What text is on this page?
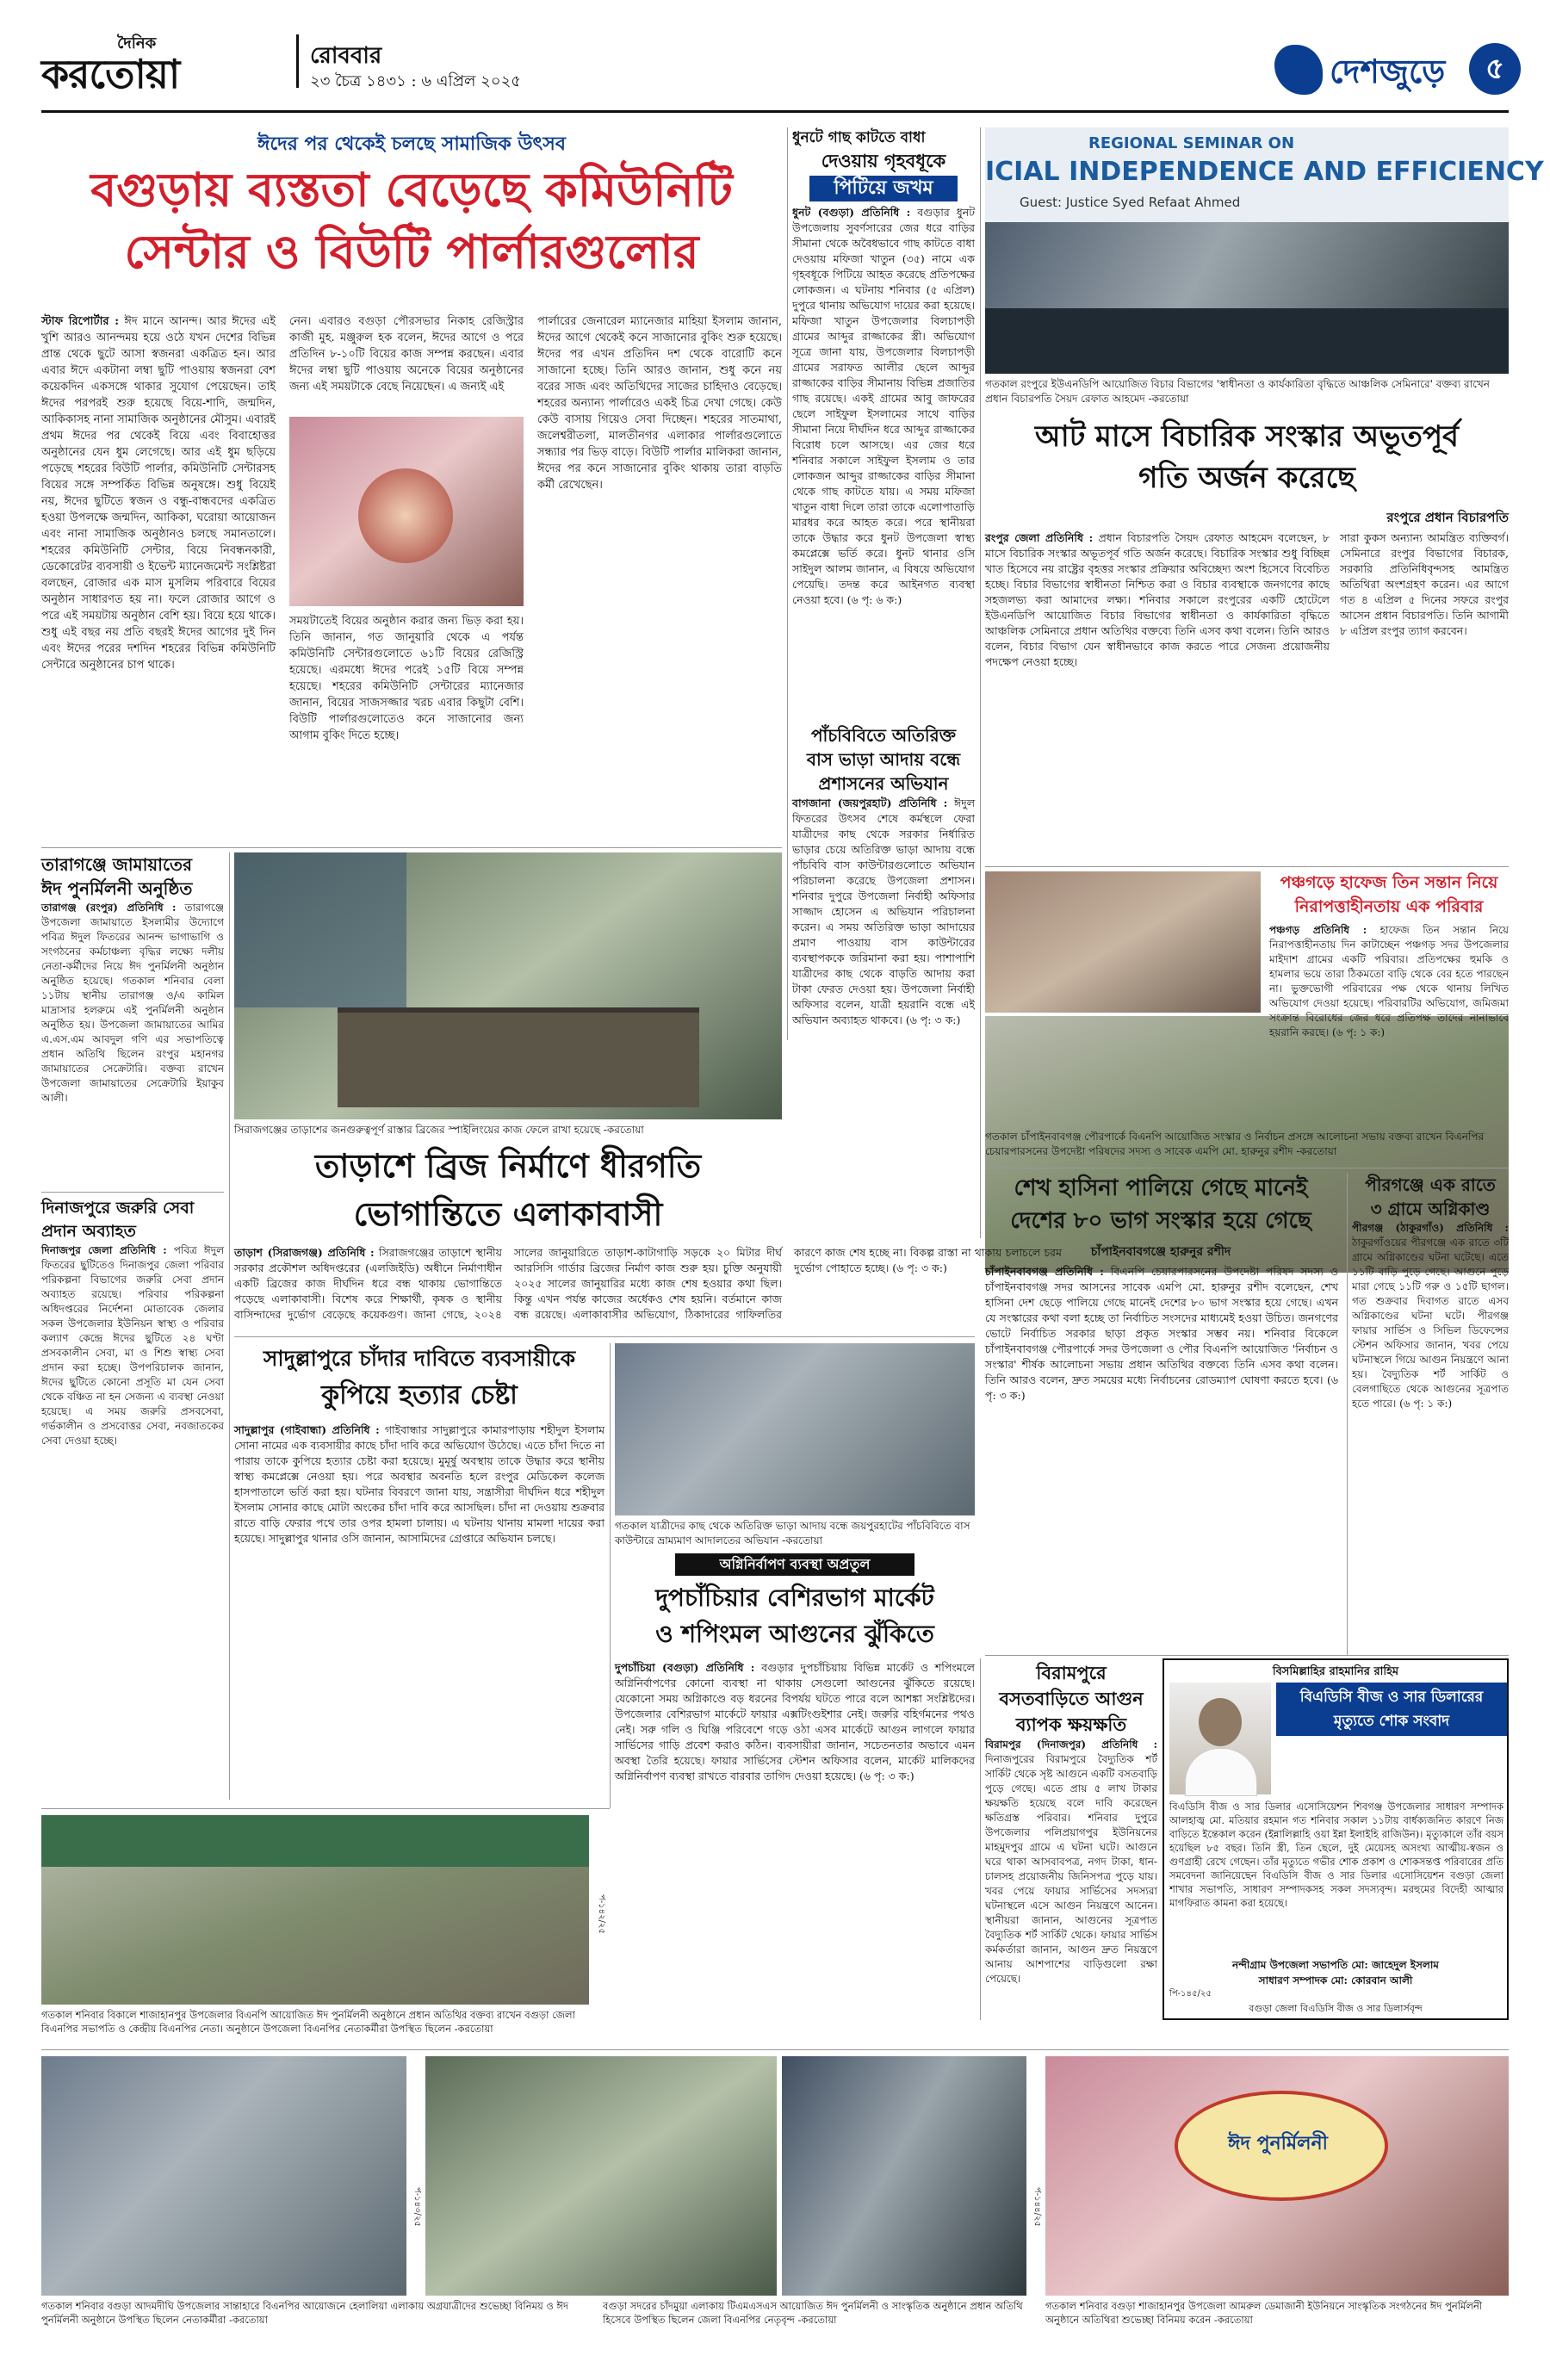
দৈনিক
করতোয়া	রোববার
২৩ চৈত্র ১৪৩১ : ৬ এপ্রিল ২০২৫	দেশজুড়ে	৫
ঈদের পর থেকেই চলছে সামাজিক উৎসব
বগুড়ায় ব্যস্ততা বেড়েছে কমিউনিটি
সেন্টার ও বিউটি পার্লারগুলোর
স্টাফ রিপোর্টার : ঈদ মানে আনন্দ। আর ঈদের এই খুশি আরও আনন্দময় হয়ে ওঠে যখন দেশের বিভিন্ন প্রান্ত থেকে ছুটে আসা স্বজনরা একত্রিত হন। আর এবার ঈদে একটানা লম্বা ছুটি পাওয়ায় স্বজনরা বেশ কয়েকদিন একসঙ্গে থাকার সুযোগ পেয়েছেন। তাই ঈদের পরপরই শুরু হয়েছে বিয়ে-শাদি, জন্মদিন, আকিকাসহ নানা সামাজিক অনুষ্ঠানের মৌসুম। এবারই প্রথম ঈদের পর থেকেই বিয়ে এবং বিবাহোত্তর অনুষ্ঠানের যেন ধুম লেগেছে। আর এই ধুম ছড়িয়ে পড়েছে শহরের বিউটি পার্লার, কমিউনিটি সেন্টারসহ বিয়ের সঙ্গে সম্পর্কিত বিভিন্ন অনুষঙ্গে। শুধু বিয়েই নয়, ঈদের ছুটিতে স্বজন ও বন্ধু-বান্ধবদের একত্রিত হওয়া উপলক্ষে জন্মদিন, আকিকা, ঘরোয়া আয়োজন এবং নানা সামাজিক অনুষ্ঠানও চলছে সমানতালে। শহরের কমিউনিটি সেন্টার, বিয়ে নিবন্ধনকারী, ডেকোরেটর ব্যবসায়ী ও ইভেন্ট ম্যানেজমেন্ট সংশ্লিষ্টরা বলছেন, রোজার এক মাস মুসলিম পরিবারে বিয়ের অনুষ্ঠান সাধারণত হয় না। ফলে রোজার আগে ও পরে এই সময়টায় অনুষ্ঠান বেশি হয়। বিয়ে হয়ে থাকে। শুধু এই বছর নয় প্রতি বছরই ঈদের আগের দুই দিন এবং ঈদের পরের দশদিন শহরের বিভিন্ন কমিউনিটি সেন্টারে অনুষ্ঠানের চাপ থাকে।
নেন। এবারও বগুড়া পৌরসভার নিকাহ রেজিস্ট্রার কাজী মুহ. মঞ্জুরুল হক বলেন, ঈদের আগে ও পরে প্রতিদিন ৮-১০টি বিয়ের কাজ সম্পন্ন করছেন। এবার ঈদের লম্বা ছুটি পাওয়ায় অনেকে বিয়ের অনুষ্ঠানের জন্য এই সময়টাকে বেছে নিয়েছেন। এ জন্যই এই
সময়টাতেই বিয়ের অনুষ্ঠান করার জন্য ভিড় করা হয়। তিনি জানান, গত জানুয়ারি থেকে এ পর্যন্ত কমিউনিটি সেন্টারগুলোতে ৬১টি বিয়ের রেজিস্ট্রি হয়েছে। এরমধ্যে ঈদের পরেই ১৫টি বিয়ে সম্পন্ন হয়েছে। শহরের কমিউনিটি সেন্টারের ম্যানেজার জানান, বিয়ের সাজসজ্জার খরচ এবার কিছুটা বেশি। বিউটি পার্লারগুলোতেও কনে সাজানোর জন্য আগাম বুকিং দিতে হচ্ছে।
পার্লারের জেনারেল ম্যানেজার মাহিয়া ইসলাম জানান, ঈদের আগে থেকেই কনে সাজানোর বুকিং শুরু হয়েছে। ঈদের পর এখন প্রতিদিন দশ থেকে বারোটি কনে সাজানো হচ্ছে। তিনি আরও জানান, শুধু কনে নয় বরের সাজ এবং অতিথিদের সাজের চাহিদাও বেড়েছে। শহরের অন্যান্য পার্লারেও একই চিত্র দেখা গেছে। কেউ কেউ বাসায় গিয়েও সেবা দিচ্ছেন। শহরের সাতমাথা, জলেশ্বরীতলা, মালতীনগর এলাকার পার্লারগুলোতে সন্ধ্যার পর ভিড় বাড়ে। বিউটি পার্লার মালিকরা জানান, ঈদের পর কনে সাজানোর বুকিং থাকায় তারা বাড়তি কর্মী রেখেছেন।
ধুনটে গাছ কাটতে বাধা
দেওয়ায় গৃহবধূকে
পিটিয়ে জখম
ধুনট (বগুড়া) প্রতিনিধি : বগুড়ার ধুনট উপজেলায় সুবর্ণসারের জের ধরে বাড়ির সীমানা থেকে অবৈধভাবে গাছ কাটতে বাধা দেওয়ায় মফিজা খাতুন (৩৫) নামে এক গৃহবধূকে পিটিয়ে আহত করেছে প্রতিপক্ষের লোকজন। এ ঘটনায় শনিবার (৫ এপ্রিল) দুপুরে থানায় অভিযোগ দায়ের করা হয়েছে। মফিজা খাতুন উপজেলার বিলচাপড়ী গ্রামের আব্দুর রাজ্জাকের স্ত্রী। অভিযোগ সূত্রে জানা যায়, উপজেলার বিলচাপড়ী গ্রামের সরাফত আলীর ছেলে আব্দুর রাজ্জাকের বাড়ির সীমানায় বিভিন্ন প্রজাতির গাছ রয়েছে। একই গ্রামের আবু জাফরের ছেলে সাইফুল ইসলামের সাথে বাড়ির সীমানা নিয়ে দীর্ঘদিন ধরে আব্দুর রাজ্জাকের বিরোধ চলে আসছে। এর জের ধরে শনিবার সকালে সাইফুল ইসলাম ও তার লোকজন আব্দুর রাজ্জাকের বাড়ির সীমানা থেকে গাছ কাটতে যায়। এ সময় মফিজা খাতুন বাধা দিলে তারা তাকে এলোপাতাড়ি মারধর করে আহত করে। পরে স্থানীয়রা তাকে উদ্ধার করে ধুনট উপজেলা স্বাস্থ্য কমপ্লেক্সে ভর্তি করে। ধুনট থানার ওসি সাইদুল আলম জানান, এ বিষয়ে অভিযোগ পেয়েছি। তদন্ত করে আইনগত ব্যবস্থা নেওয়া হবে। (৬ পৃ: ৬ ক:)
পাঁচবিবিতে অতিরিক্ত
বাস ভাড়া আদায় বন্ধে
প্রশাসনের অভিযান
বাগজানা (জয়পুরহাট) প্রতিনিধি : ঈদুল ফিতরের উৎসব শেষে কর্মস্থলে ফেরা যাত্রীদের কাছ থেকে সরকার নির্ধারিত ভাড়ার চেয়ে অতিরিক্ত ভাড়া আদায় বন্ধে পাঁচবিবি বাস কাউন্টারগুলোতে অভিযান পরিচালনা করেছে উপজেলা প্রশাসন। শনিবার দুপুরে উপজেলা নির্বাহী অফিসার সাজ্জাদ হোসেন এ অভিযান পরিচালনা করেন। এ সময় অতিরিক্ত ভাড়া আদায়ের প্রমাণ পাওয়ায় বাস কাউন্টারের ব্যবস্থাপককে জরিমানা করা হয়। পাশাপাশি যাত্রীদের কাছ থেকে বাড়তি আদায় করা টাকা ফেরত দেওয়া হয়। উপজেলা নির্বাহী অফিসার বলেন, যাত্রী হয়রানি বন্ধে এই অভিযান অব্যাহত থাকবে। (৬ পৃ: ৩ ক:)
REGIONAL SEMINAR ON
ICIAL INDEPENDENCE AND EFFICIENCY
Guest: Justice Syed Refaat Ahmed
গতকাল রংপুরে ইউএনডিপি আয়োজিত বিচার বিভাগের 'স্বাধীনতা ও কার্যকারিতা বৃদ্ধিতে আঞ্চলিক সেমিনারে' বক্তব্য রাখেন প্রধান বিচারপতি সৈয়দ রেফাত আহমেদ -করতোয়া
আট মাসে বিচারিক সংস্কার অভূতপূর্ব
গতি অর্জন করেছে
রংপুরে প্রধান বিচারপতি
রংপুর জেলা প্রতিনিধি : প্রধান বিচারপতি সৈয়দ রেফাত আহমেদ বলেছেন, ৮ মাসে বিচারিক সংস্কার অভূতপূর্ব গতি অর্জন করেছে। বিচারিক সংস্কার শুধু বিচ্ছিন্ন খাত হিসেবে নয় রাষ্ট্রের বৃহত্তর সংস্কার প্রক্রিয়ার অবিচ্ছেদ্য অংশ হিসেবে বিবেচিত হচ্ছে। বিচার বিভাগের স্বাধীনতা নিশ্চিত করা ও বিচার ব্যবস্থাকে জনগণের কাছে সহজলভ্য করা আমাদের লক্ষ্য। শনিবার সকালে রংপুরের একটি হোটেলে ইউএনডিপি আয়োজিত বিচার বিভাগের স্বাধীনতা ও কার্যকারিতা বৃদ্ধিতে আঞ্চলিক সেমিনারে প্রধান অতিথির বক্তব্যে তিনি এসব কথা বলেন। তিনি আরও বলেন, বিচার বিভাগ যেন স্বাধীনভাবে কাজ করতে পারে সেজন্য প্রয়োজনীয় পদক্ষেপ নেওয়া হচ্ছে।
সারা কুকস অন্যান্য আমন্ত্রিত ব্যক্তিবর্গ। সেমিনারে রংপুর বিভাগের বিচারক, সরকারি প্রতিনিধিবৃন্দসহ আমন্ত্রিত অতিথিরা অংশগ্রহণ করেন। এর আগে গত ৪ এপ্রিল ৫ দিনের সফরে রংপুর আসেন প্রধান বিচারপতি। তিনি আগামী ৮ এপ্রিল রংপুর ত্যাগ করবেন।
পঞ্চগড়ে হাফেজ তিন সন্তান নিয়ে
নিরাপত্তাহীনতায় এক পরিবার
পঞ্চগড় প্রতিনিধি : হাফেজ তিন সন্তান নিয়ে নিরাপত্তাহীনতায় দিন কাটাচ্ছেন পঞ্চগড় সদর উপজেলার মাইদাশ গ্রামের একটি পরিবার। প্রতিপক্ষের হুমকি ও হামলার ভয়ে তারা ঠিকমতো বাড়ি থেকে বের হতে পারছেন না। ভুক্তভোগী পরিবারের পক্ষ থেকে থানায় লিখিত অভিযোগ দেওয়া হয়েছে। পরিবারটির অভিযোগ, জমিজমা সংক্রান্ত বিরোধের জের ধরে প্রতিপক্ষ তাদের নানাভাবে হয়রানি করছে। (৬ পৃ: ১ ক:)
গতকাল চাঁপাইনবাবগঞ্জ পৌরপার্কে বিএনপি আয়োজিত সংস্কার ও নির্বাচন প্রসঙ্গে আলোচনা সভায় বক্তব্য রাখেন বিএনপির চেয়ারপারসনের উপদেষ্টা পরিষদের সদস্য ও সাবেক এমপি মো. হারুনুর রশীদ -করতোয়া
শেখ হাসিনা পালিয়ে গেছে মানেই
দেশের ৮০ ভাগ সংস্কার হয়ে গেছে
চাঁপাইনবাবগঞ্জে হারুনুর রশীদ
চাঁপাইনবাবগঞ্জ প্রতিনিধি : বিএনপি চেয়ারপারসনের উপদেষ্টা পরিষদ সদস্য ও চাঁপাইনবাবগঞ্জ সদর আসনের সাবেক এমপি মো. হারুনুর রশীদ বলেছেন, শেখ হাসিনা দেশ ছেড়ে পালিয়ে গেছে মানেই দেশের ৮০ ভাগ সংস্কার হয়ে গেছে। এখন যে সংস্কারের কথা বলা হচ্ছে তা নির্বাচিত সংসদের মাধ্যমেই হওয়া উচিত। জনগণের ভোটে নির্বাচিত সরকার ছাড়া প্রকৃত সংস্কার সম্ভব নয়। শনিবার বিকেলে চাঁপাইনবাবগঞ্জ পৌরপার্কে সদর উপজেলা ও পৌর বিএনপি আয়োজিত 'নির্বাচন ও সংস্কার' শীর্ষক আলোচনা সভায় প্রধান অতিথির বক্তব্যে তিনি এসব কথা বলেন। তিনি আরও বলেন, দ্রুত সময়ের মধ্যে নির্বাচনের রোডম্যাপ ঘোষণা করতে হবে। (৬ পৃ: ৩ ক:)
পীরগঞ্জে এক রাতে
৩ গ্রামে অগ্নিকাণ্ড
পীরগঞ্জ (ঠাকুরগাঁও) প্রতিনিধি : ঠাকুরগাঁওয়ের পীরগঞ্জে এক রাতে ৩টি গ্রামে অগ্নিকাণ্ডের ঘটনা ঘটেছে। এতে ১১টি বাড়ি পুড়ে গেছে। আগুনে পুড়ে মারা গেছে ১১টি গরু ও ১৫টি ছাগল। গত শুক্রবার দিবাগত রাতে এসব অগ্নিকাণ্ডের ঘটনা ঘটে। পীরগঞ্জ ফায়ার সার্ভিস ও সিভিল ডিফেন্সের স্টেশন অফিসার জানান, খবর পেয়ে ঘটনাস্থলে গিয়ে আগুন নিয়ন্ত্রণে আনা হয়। বৈদ্যুতিক শর্ট সার্কিট ও বেলগাছিতে থেকে আগুনের সূত্রপাত হতে পারে। (৬ পৃ: ১ ক:)
তারাগঞ্জে জামায়াতের
ঈদ পুনর্মিলনী অনুষ্ঠিত
তারাগঞ্জ (রংপুর) প্রতিনিধি : তারাগঞ্জে উপজেলা জামায়াতে ইসলামীর উদ্যোগে পবিত্র ঈদুল ফিতরের আনন্দ ভাগাভাগি ও সংগঠনের কর্মচাঞ্চল্য বৃদ্ধির লক্ষ্যে দলীয় নেতা-কর্মীদের নিয়ে ঈদ পুনর্মিলনী অনুষ্ঠান অনুষ্ঠিত হয়েছে। গতকাল শনিবার বেলা ১১টায় স্থানীয় তারাগঞ্জ ও/এ কামিল মাদ্রাসার হলরুমে এই পুনর্মিলনী অনুষ্ঠান অনুষ্ঠিত হয়। উপজেলা জামায়াতের আমির এ.এস.এম আবদুল গণি এর সভাপতিত্বে প্রধান অতিথি ছিলেন রংপুর মহানগর জামায়াতের সেক্রেটারি। বক্তব্য রাখেন উপজেলা জামায়াতের সেক্রেটারি ইয়াকুব আলী।
দিনাজপুরে জরুরি সেবা
প্রদান অব্যাহত
দিনাজপুর জেলা প্রতিনিধি : পবিত্র ঈদুল ফিতরের ছুটিতেও দিনাজপুর জেলা পরিবার পরিকল্পনা বিভাগের জরুরি সেবা প্রদান অব্যাহত রয়েছে। পরিবার পরিকল্পনা অধিদপ্তরের নির্দেশনা মোতাবেক জেলার সকল উপজেলার ইউনিয়ন স্বাস্থ্য ও পরিবার কল্যাণ কেন্দ্রে ঈদের ছুটিতে ২৪ ঘণ্টা প্রসবকালীন সেবা, মা ও শিশু স্বাস্থ্য সেবা প্রদান করা হচ্ছে। উপপরিচালক জানান, ঈদের ছুটিতে কোনো প্রসূতি মা যেন সেবা থেকে বঞ্চিত না হন সেজন্য এ ব্যবস্থা নেওয়া হয়েছে। এ সময় জরুরি প্রসবসেবা, গর্ভকালীন ও প্রসবোত্তর সেবা, নবজাতকের সেবা দেওয়া হচ্ছে।
সিরাজগঞ্জের তাড়াশের জনগুরুত্বপূর্ণ রাস্তার ব্রিজের স্পাইলিংয়ের কাজ ফেলে রাখা হয়েছে -করতোয়া
তাড়াশে ব্রিজ নির্মাণে ধীরগতি
ভোগান্তিতে এলাকাবাসী
তাড়াশ (সিরাজগঞ্জ) প্রতিনিধি : সিরাজগঞ্জের তাড়াশে স্থানীয় সরকার প্রকৌশল অধিদপ্তরের (এলজিইডি) অধীনে নির্মাণাধীন একটি ব্রিজের কাজ দীর্ঘদিন ধরে বন্ধ থাকায় ভোগান্তিতে পড়েছে এলাকাবাসী। বিশেষ করে শিক্ষার্থী, কৃষক ও স্থানীয় বাসিন্দাদের দুর্ভোগ বেড়েছে কয়েকগুণ। জানা গেছে, ২০২৪ সালের জানুয়ারিতে তাড়াশ-কাটাগাড়ি সড়কে ২০ মিটার দীর্ঘ আরসিসি গার্ডার ব্রিজের নির্মাণ কাজ শুরু হয়। চুক্তি অনুযায়ী ২০২৫ সালের জানুয়ারির মধ্যে কাজ শেষ হওয়ার কথা ছিল। কিন্তু এখন পর্যন্ত কাজের অর্ধেকও শেষ হয়নি। বর্তমানে কাজ বন্ধ রয়েছে। এলাকাবাসীর অভিযোগ, ঠিকাদারের গাফিলতির কারণে কাজ শেষ হচ্ছে না। বিকল্প রাস্তা না থাকায় চলাচলে চরম দুর্ভোগ পোহাতে হচ্ছে। (৬ পৃ: ৩ ক:)
সাদুল্লাপুরে চাঁদার দাবিতে ব্যবসায়ীকে
কুপিয়ে হত্যার চেষ্টা
সাদুল্লাপুর (গাইবান্ধা) প্রতিনিধি : গাইবান্ধার সাদুল্লাপুরে কামারপাড়ায় শহীদুল ইসলাম সোনা নামের এক ব্যবসায়ীর কাছে চাঁদা দাবি করে অভিযোগ উঠেছে। এতে চাঁদা দিতে না পারায় তাকে কুপিয়ে হত্যার চেষ্টা করা হয়েছে। মুমূর্ষু অবস্থায় তাকে উদ্ধার করে স্থানীয় স্বাস্থ্য কমপ্লেক্সে নেওয়া হয়। পরে অবস্থার অবনতি হলে রংপুর মেডিকেল কলেজ হাসপাতালে ভর্তি করা হয়। ঘটনার বিবরণে জানা যায়, সন্ত্রাসীরা দীর্ঘদিন ধরে শহীদুল ইসলাম সোনার কাছে মোটা অংকের চাঁদা দাবি করে আসছিল। চাঁদা না দেওয়ায় শুক্রবার রাতে বাড়ি ফেরার পথে তার ওপর হামলা চালায়। এ ঘটনায় থানায় মামলা দায়ের করা হয়েছে। সাদুল্লাপুর থানার ওসি জানান, আসামিদের গ্রেপ্তারে অভিযান চলছে।
গতকাল যাত্রীদের কাছ থেকে অতিরিক্ত ভাড়া আদায় বন্ধে জয়পুরহাটের পাঁচবিবিতে বাস কাউন্টারে ভ্রাম্যমাণ আদালতের অভিযান -করতোয়া
অগ্নিনির্বাপণ ব্যবস্থা অপ্রতুল
দুপচাঁচিয়ার বেশিরভাগ মার্কেট
ও শপিংমল আগুনের ঝুঁকিতে
দুপচাঁচিয়া (বগুড়া) প্রতিনিধি : বগুড়ার দুপচাঁচিয়ায় বিভিন্ন মার্কেট ও শপিংমলে অগ্নিনির্বাপণের কোনো ব্যবস্থা না থাকায় সেগুলো আগুনের ঝুঁকিতে রয়েছে। যেকোনো সময় অগ্নিকাণ্ডে বড় ধরনের বিপর্যয় ঘটতে পারে বলে আশঙ্কা সংশ্লিষ্টদের। উপজেলার বেশিরভাগ মার্কেটে ফায়ার এক্সটিংগুইশার নেই। জরুরি বহির্গমনের পথও নেই। সরু গলি ও ঘিঞ্জি পরিবেশে গড়ে ওঠা এসব মার্কেটে আগুন লাগলে ফায়ার সার্ভিসের গাড়ি প্রবেশ করাও কঠিন। ব্যবসায়ীরা জানান, সচেতনতার অভাবে এমন অবস্থা তৈরি হয়েছে। ফায়ার সার্ভিসের স্টেশন অফিসার বলেন, মার্কেট মালিকদের অগ্নিনির্বাপণ ব্যবস্থা রাখতে বারবার তাগিদ দেওয়া হয়েছে। (৬ পৃ: ৩ ক:)
বিরামপুরে
বসতবাড়িতে আগুন
ব্যাপক ক্ষয়ক্ষতি
বিরামপুর (দিনাজপুর) প্রতিনিধি : দিনাজপুরের বিরামপুরে বৈদ্যুতিক শর্ট সার্কিট থেকে সৃষ্ট আগুনে একটি বসতবাড়ি পুড়ে গেছে। এতে প্রায় ৫ লাখ টাকার ক্ষয়ক্ষতি হয়েছে বলে দাবি করেছেন ক্ষতিগ্রস্ত পরিবার। শনিবার দুপুরে উপজেলার পলিপ্রয়াগপুর ইউনিয়নের মাহমুদপুর গ্রামে এ ঘটনা ঘটে। আগুনে ঘরে থাকা আসবাবপত্র, নগদ টাকা, ধান-চালসহ প্রয়োজনীয় জিনিসপত্র পুড়ে যায়। খবর পেয়ে ফায়ার সার্ভিসের সদস্যরা ঘটনাস্থলে এসে আগুন নিয়ন্ত্রণে আনেন। স্থানীয়রা জানান, আগুনের সূত্রপাত বৈদ্যুতিক শর্ট সার্কিট থেকে। ফায়ার সার্ভিস কর্মকর্তারা জানান, আগুন দ্রুত নিয়ন্ত্রণে আনায় আশপাশের বাড়িগুলো রক্ষা পেয়েছে।
বিসমিল্লাহির রাহমানির রাহিম
বিএডিসি বীজ ও সার ডিলারের
মৃত্যুতে শোক সংবাদ
বিএডিসি বীজ ও সার ডিলার এসোসিয়েশন শিবগঞ্জ উপজেলার সাধারণ সম্পাদক আলহাজ্ব মো. মতিয়ার রহমান গত শনিবার সকাল ১১টায় বার্ধক্যজনিত কারণে নিজ বাড়িতে ইন্তেকাল করেন (ইন্নালিল্লাহি ওয়া ইন্না ইলাইহি রাজিউন)। মৃত্যুকালে তাঁর বয়স হয়েছিল ৮৫ বছর। তিনি স্ত্রী, তিন ছেলে, দুই মেয়েসহ অসংখ্য আত্মীয়-স্বজন ও গুণগ্রাহী রেখে গেছেন। তাঁর মৃত্যুতে গভীর শোক প্রকাশ ও শোকসন্তপ্ত পরিবারের প্রতি সমবেদনা জানিয়েছেন বিএডিসি বীজ ও সার ডিলার এসোসিয়েশন বগুড়া জেলা শাখার সভাপতি, সাধারণ সম্পাদকসহ সকল সদস্যবৃন্দ। মরহুমের বিদেহী আত্মার মাগফিরাত কামনা করা হয়েছে।
নন্দীগ্রাম উপজেলা সভাপতি মো: জাহেদুল ইসলাম
সাধারণ সম্পাদক মো: কোরবান আলী
বগুড়া জেলা বিএডিসি বীজ ও সার ডিলার্সবৃন্দ
পি-১৪৫/২৫
প-১৪২/২৫
গতকাল শনিবার বিকালে শাজাহানপুর উপজেলার বিএনপি আয়োজিত ঈদ পুনর্মিলনী অনুষ্ঠানে প্রধান অতিথির বক্তব্য রাখেন বগুড়া জেলা বিএনপির সভাপতি ও কেন্দ্রীয় বিএনপির নেতা। অনুষ্ঠানে উপজেলা বিএনপির নেতাকর্মীরা উপস্থিত ছিলেন -করতোয়া
প-১৪৩/২৫
গতকাল শনিবার বগুড়া আদমদীঘি উপজেলার সান্তাহারে বিএনপির আয়োজনে হেলালিয়া এলাকায় অগ্রযাত্রীদের শুভেচ্ছা বিনিময় ও ঈদ পুনর্মিলনী অনুষ্ঠানে উপস্থিত ছিলেন নেতাকর্মীরা -করতোয়া
প-১৪৪/২৫
বগুড়া সদরের চাঁদমুয়া এলাকায় টিএমএসএস আয়োজিত ঈদ পুনর্মিলনী ও সাংস্কৃতিক অনুষ্ঠানে প্রধান অতিথি হিসেবে উপস্থিত ছিলেন জেলা বিএনপির নেতৃবৃন্দ -করতোয়া
ঈদ পুনর্মিলনী
গতকাল শনিবার বগুড়া শাজাহানপুর উপজেলা আমরুল ডেমাজানী ইউনিয়নে সাংস্কৃতিক সংগঠনের ঈদ পুনর্মিলনী অনুষ্ঠানে অতিথিরা শুভেচ্ছা বিনিময় করেন -করতোয়া
